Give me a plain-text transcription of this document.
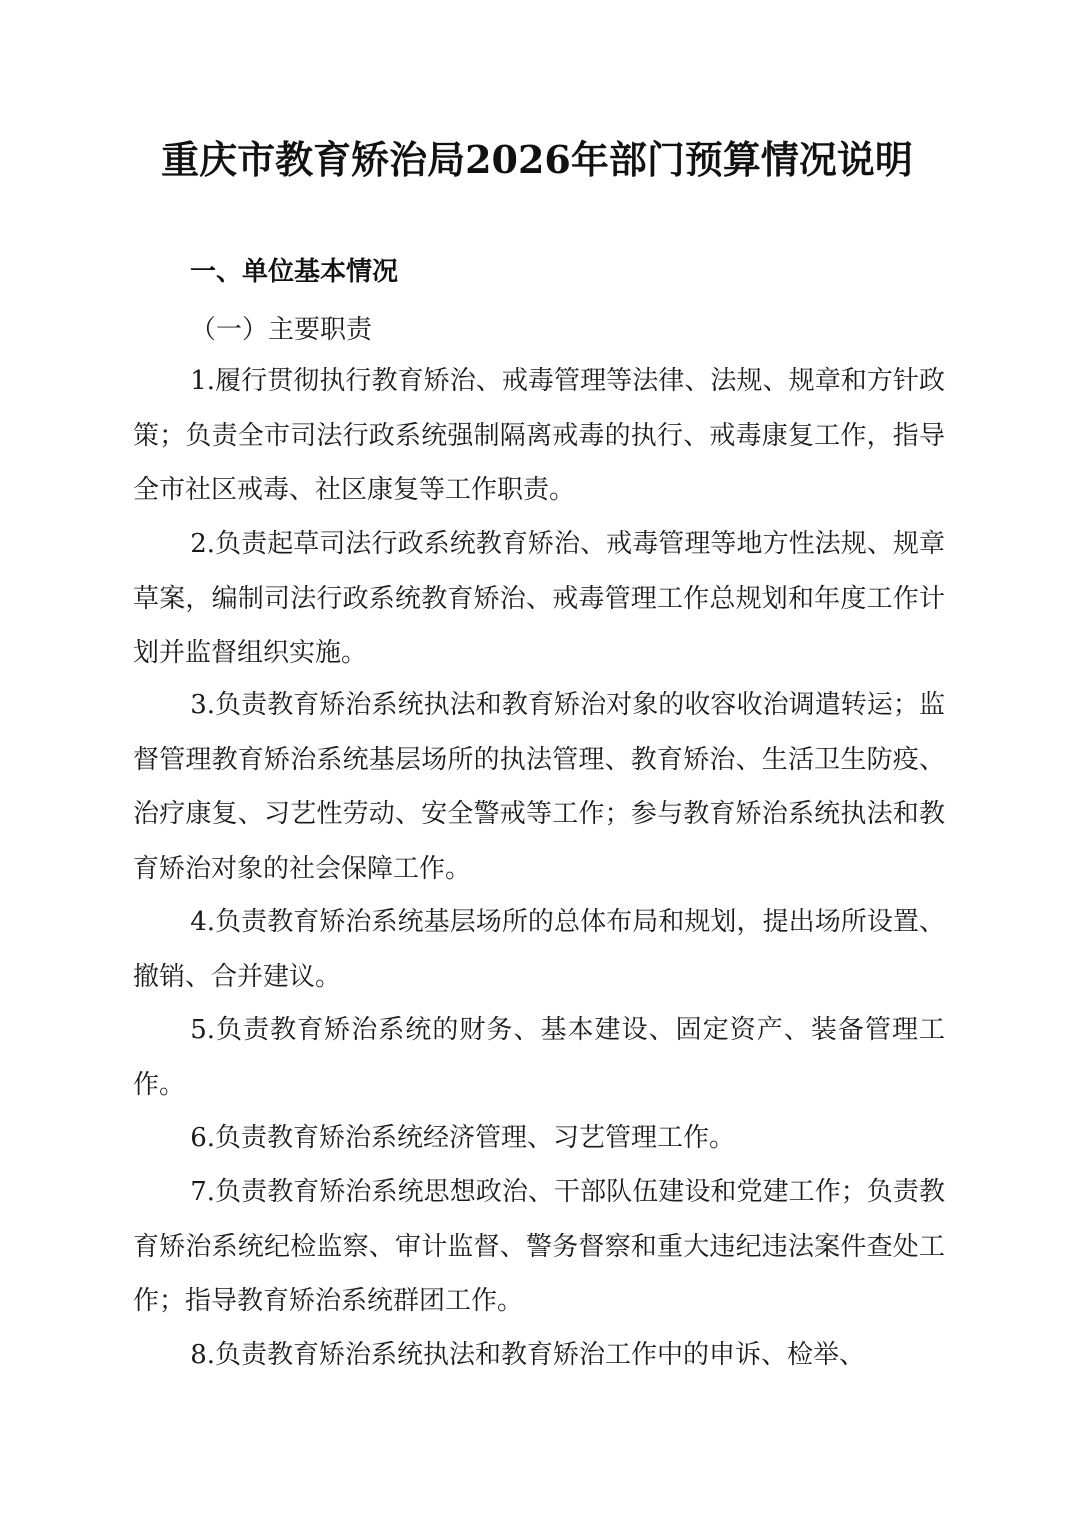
重庆市教育矫治局2026年部门预算情况说明
一、单位基本情况
（一）主要职责

1.履行贯彻执行教育矫治、戒毒管理等法律、法规、规章和方针政策；负责全市司法行政系统强制隔离戒毒的执行、戒毒康复工作，指导全市社区戒毒、社区康复等工作职责。

2.负责起草司法行政系统教育矫治、戒毒管理等地方性法规、规章草案，编制司法行政系统教育矫治、戒毒管理工作总规划和年度工作计划并监督组织实施。

3.负责教育矫治系统执法和教育矫治对象的收容收治调遣转运；监督管理教育矫治系统基层场所的执法管理、教育矫治、生活卫生防疫、治疗康复、习艺性劳动、安全警戒等工作；参与教育矫治系统执法和教育矫治对象的社会保障工作。

4.负责教育矫治系统基层场所的总体布局和规划，提出场所设置、撤销、合并建议。

5.负责教育矫治系统的财务、基本建设、固定资产、装备管理工作。

6.负责教育矫治系统经济管理、习艺管理工作。

7.负责教育矫治系统思想政治、干部队伍建设和党建工作；负责教育矫治系统纪检监察、审计监督、警务督察和重大违纪违法案件查处工作；指导教育矫治系统群团工作。

8.负责教育矫治系统执法和教育矫治工作中的申诉、检举、
